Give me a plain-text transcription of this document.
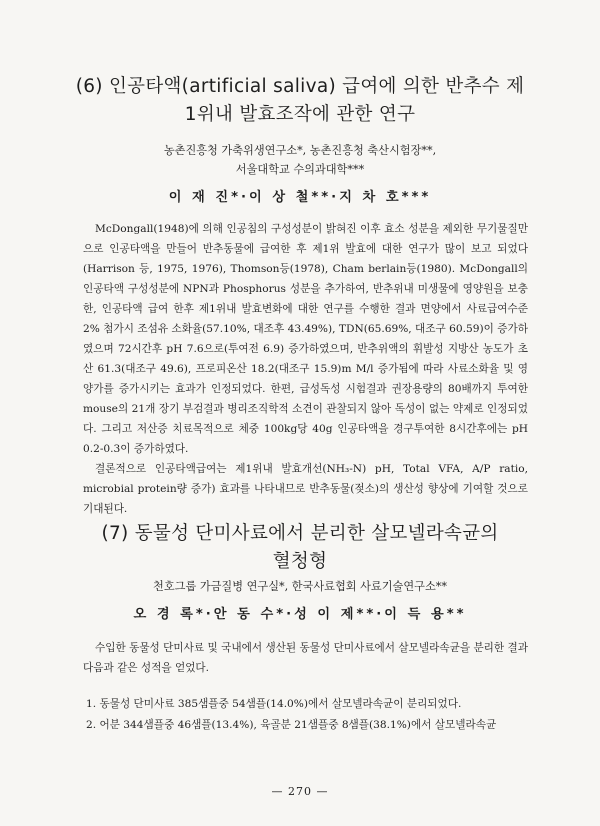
(6) 인공타액(artificial saliva) 급여에 의한 반추수 제
1위내 발효조작에 관한 연구
농촌진흥청 가축위생연구소*, 농촌진흥청 축산시험장**,
서울대학교 수의과대학***
이 재 진*·이 상 철**·지 차 호***

McDongall(1948)에 의해 인공침의 구성성분이 밝혀진 이후 효소 성분을 제외한 무기물질만으로 인공타액을 만들어 반추동물에 급여한 후 제1위 발효에 대한 연구가 많이 보고 되었다(Harrison 등, 1975, 1976), Thomson등(1978), Cham berlain등(1980). McDongall의 인공타액 구성성분에 NPN과 Phosphorus 성분을 추가하여, 반추위내 미생물에 영양원을 보충한, 인공타액 급여 한후 제1위내 발효변화에 대한 연구를 수행한 결과 면양에서 사료급여수준 2% 첨가시 조섬유 소화율(57.10%, 대조후 43.49%), TDN(65.69%, 대조구 60.59)이 증가하였으며 72시간후 pH 7.6으로(투여전 6.9) 증가하였으며, 반추위액의 휘발성 지방산 농도가 초산 61.3(대조구 49.6), 프로피온산 18.2(대조구 15.9)m M/l 증가됨에 따라 사료소화율 및 영양가를 증가시키는 효과가 인정되었다. 한편, 급성독성 시험결과 권장용량의 80배까지 투여한 mouse의 21개 장기 부검결과 병리조직학적 소견이 관찰되지 않아 독성이 없는 약제로 인정되었다. 그리고 저산증 치료목적으로 체중 100kg당 40g 인공타액을 경구투여한 8시간후에는 pH 0.2-0.3이 증가하였다.

결론적으로 인공타액급여는 제1위내 발효개선(NH₃-N) pH, Total VFA, A/P ratio, microbial protein량 증가) 효과를 나타내므로 반추동물(젖소)의 생산성 향상에 기여할 것으로 기대된다.

(7) 동물성 단미사료에서 분리한 살모넬라속균의
혈청형
천호그룹 가금질병 연구실*, 한국사료협회 사료기술연구소**
오 경 록*·안 동 수*·성 이 제**·이 득 용**

수입한 동물성 단미사료 및 국내에서 생산된 동물성 단미사료에서 살모넬라속균을 분리한 결과 다음과 같은 성적을 얻었다.

1. 동물성 단미사료 385샘플중 54샘플(14.0%)에서 살모넬라속균이 분리되었다.
2. 어분 344샘플중 46샘플(13.4%), 육골분 21샘플중 8샘플(38.1%)에서 살모넬라속균
— 270 —
